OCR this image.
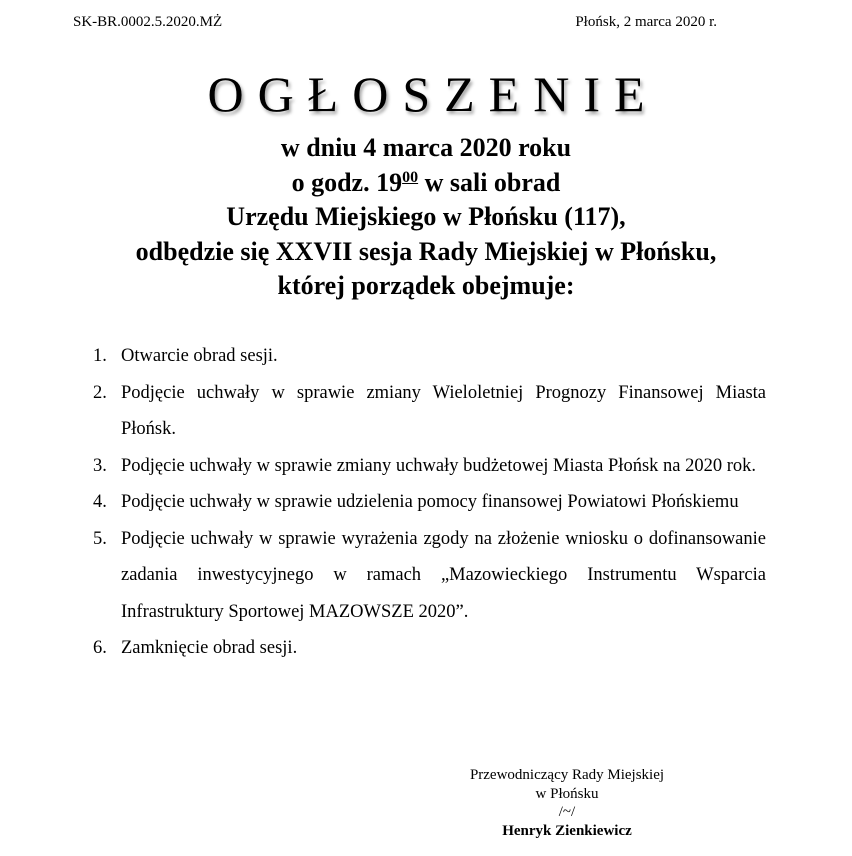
SK-BR.0002.5.2020.MŻ	Płońsk, 2 marca 2020 r.
OGŁOSZENIE
w dniu 4 marca 2020 roku
o godz. $19^{00}$ w sali obrad
Urzędu Miejskiego w Płońsku (117),
odbędzie się XXVII sesja Rady Miejskiej w Płońsku,
której porządek obejmuje:
1. Otwarcie obrad sesji.
2. Podjęcie uchwały w sprawie zmiany Wieloletniej Prognozy Finansowej Miasta Płońsk.
3. Podjęcie uchwały w sprawie zmiany uchwały budżetowej Miasta Płońsk na 2020 rok.
4. Podjęcie uchwały w sprawie udzielenia pomocy finansowej Powiatowi Płońskiemu
5. Podjęcie uchwały w sprawie wyrażenia zgody na złożenie wniosku o dofinansowanie zadania inwestycyjnego w ramach „Mazowieckiego Instrumentu Wsparcia Infrastruktury Sportowej MAZOWSZE 2020”.
6. Zamknięcie obrad sesji.
Przewodniczący Rady Miejskiej
w Płońsku
/~/
Henryk Zienkiewicz
